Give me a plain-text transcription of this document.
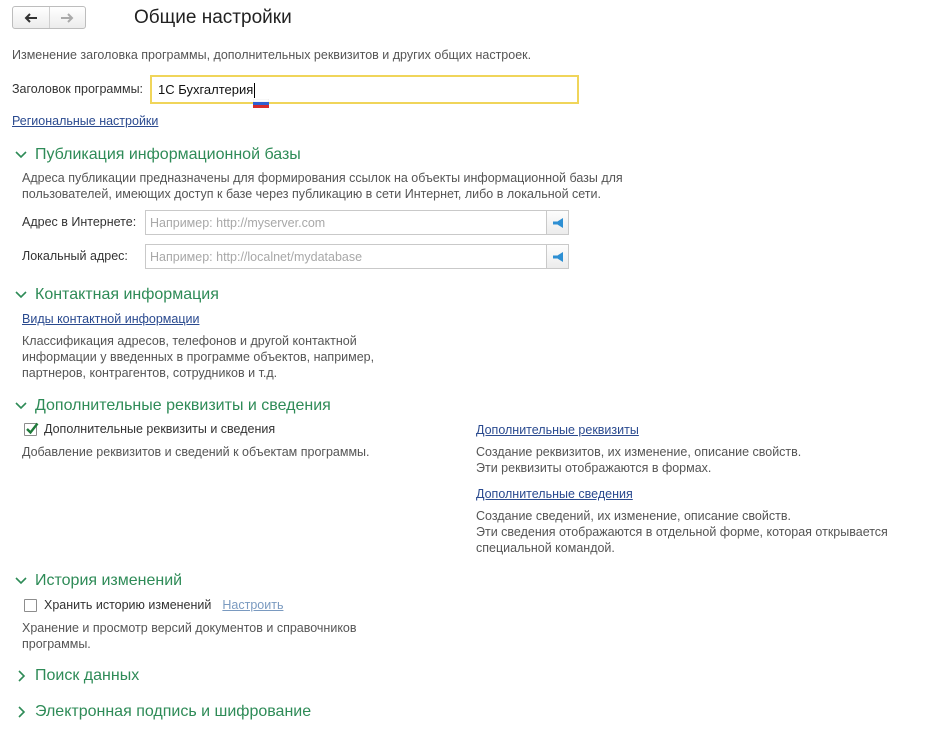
Общие настройки
Изменение заголовка программы, дополнительных реквизитов и других общих настроек.
Заголовок программы:	1С Бухгалтерия
Региональные настройки
Публикация информационной базы
Адреса публикации предназначены для формирования ссылок на объекты информационной базы для
пользователей, имеющих доступ к базе через публикацию в сети Интернет, либо в локальной сети.
Адрес в Интернете:	Например: http://myserver.com
Локальный адрес:	Например: http://localnet/mydatabase
Контактная информация
Виды контактной информации
Классификация адресов, телефонов и другой контактной
информации у введенных в программе объектов, например,
партнеров, контрагентов, сотрудников и т.д.
Дополнительные реквизиты и сведения
Дополнительные реквизиты и сведения
Добавление реквизитов и сведений к объектам программы.
Дополнительные реквизиты
Создание реквизитов, их изменение, описание свойств.
Эти реквизиты отображаются в формах.
Дополнительные сведения
Создание сведений, их изменение, описание свойств.
Эти сведения отображаются в отдельной форме, которая открывается
специальной командой.
История изменений
Хранить историю изменений Настроить
Хранение и просмотр версий документов и справочников
программы.
Поиск данных
Электронная подпись и шифрование
